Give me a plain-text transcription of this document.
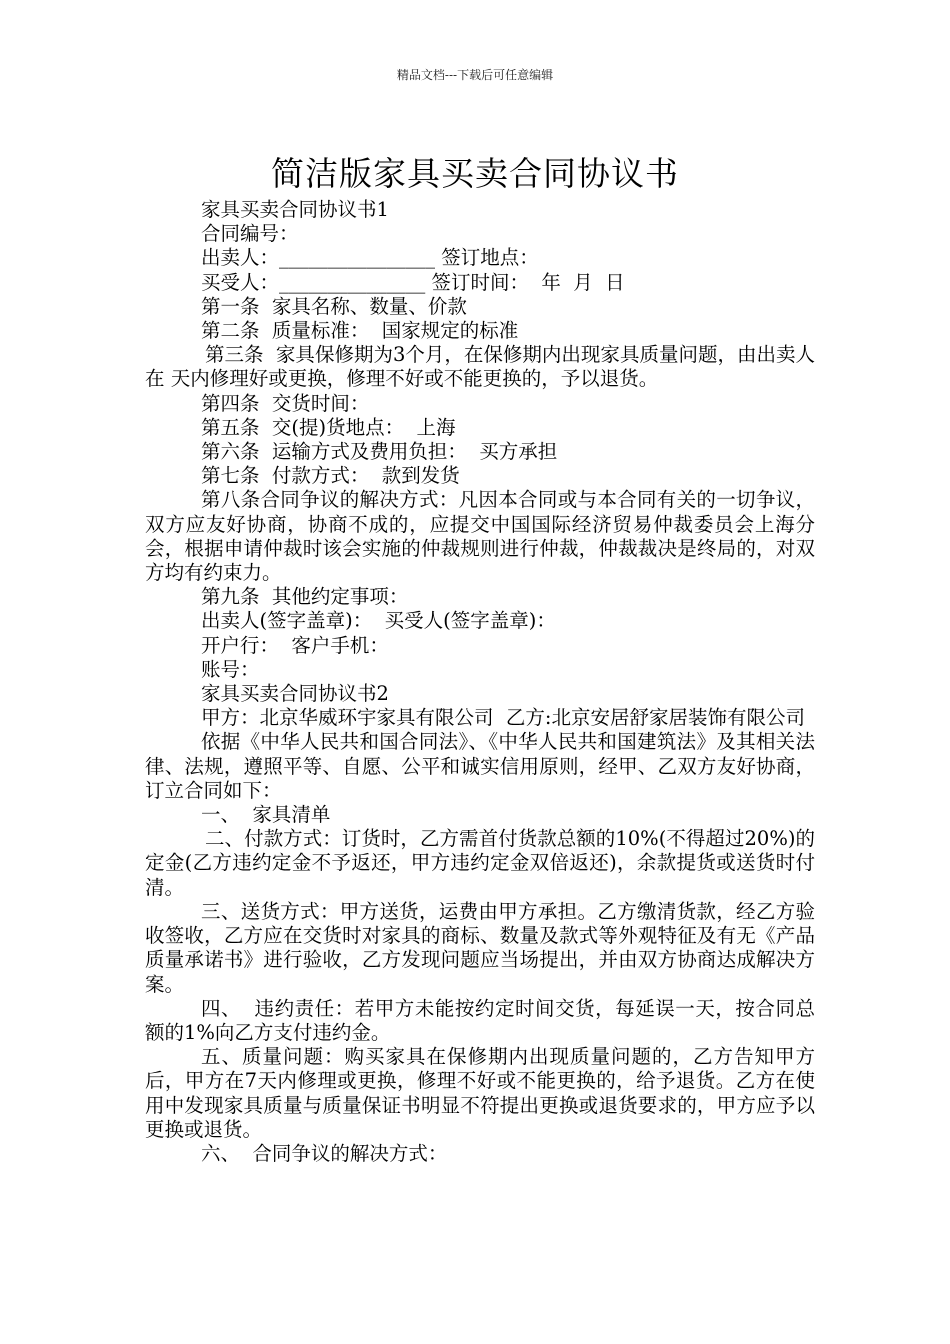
精品文档---下载后可任意编辑
简洁版家具买卖合同协议书

家具买卖合同协议书1

合同编号：

出卖人：________________ 签订地点：

买受人：_______________ 签订时间：  年  月  日

第一条  家具名称、数量、价款

第二条  质量标准：  国家规定的标准

第三条  家具保修期为3个月，在保修期内出现家具质量问题，由出卖人在 天内修理好或更换，修理不好或不能更换的，予以退货。

第四条  交货时间：

第五条  交(提)货地点：  上海

第六条  运输方式及费用负担：  买方承担

第七条  付款方式：  款到发货

第八条合同争议的解决方式：凡因本合同或与本合同有关的一切争议，双方应友好协商，协商不成的，应提交中国国际经济贸易仲裁委员会上海分会，根据申请仲裁时该会实施的仲裁规则进行仲裁，仲裁裁决是终局的，对双方均有约束力。

第九条  其他约定事项：

出卖人(签字盖章)：  买受人(签字盖章)：

开户行：  客户手机：

账号：

家具买卖合同协议书2

甲方：北京华威环宇家具有限公司  乙方:北京安居舒家居装饰有限公司

依据《中华人民共和国合同法》、《中华人民共和国建筑法》及其相关法律、法规，遵照平等、自愿、公平和诚实信用原则，经甲、乙双方友好协商，订立合同如下：

一、  家具清单

二、付款方式：订货时，乙方需首付货款总额的10%(不得超过20%)的定金(乙方违约定金不予返还，甲方违约定金双倍返还)，余款提货或送货时付清。

三、送货方式：甲方送货，运费由甲方承担。乙方缴清货款，经乙方验收签收，乙方应在交货时对家具的商标、数量及款式等外观特征及有无《产品质量承诺书》进行验收，乙方发现问题应当场提出，并由双方协商达成解决方案。

四、  违约责任：若甲方未能按约定时间交货，每延误一天，按合同总额的1%向乙方支付违约金。

五、质量问题：购买家具在保修期内出现质量问题的，乙方告知甲方后，甲方在7天内修理或更换，修理不好或不能更换的，给予退货。乙方在使用中发现家具质量与质量保证书明显不符提出更换或退货要求的，甲方应予以更换或退货。

六、  合同争议的解决方式：
